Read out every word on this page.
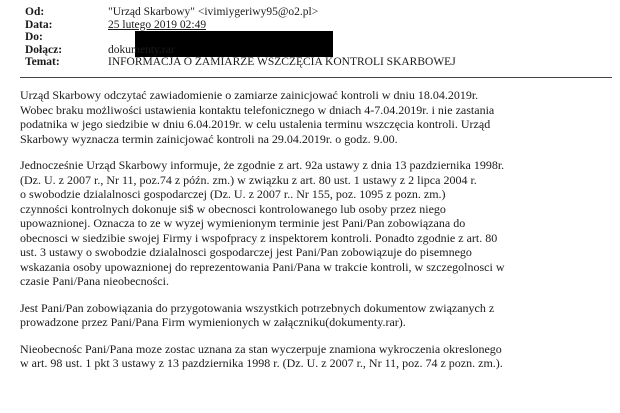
Od:	"Urząd Skarbowy" <ivimiygeriwy95@o2.pl>
Data:	25 lutego 2019 02:49
Do:
Dołącz:	dokumenty.rar
Temat:	INFORMACJA O ZAMIARZE WSZCZĘCIA KONTROLI SKARBOWEJ

Urząd Skarbowy odczytać zawiadomienie o zamiarze zainicjować kontroli w dniu 18.04.2019r.

Wobec braku możliwości ustawienia kontaktu telefonicznego w dniach 4-7.04.2019r. i nie zastania

podatnika w jego siedzibie w dniu 6.04.2019r. w celu ustalenia terminu wszczęcia kontroli. Urząd

Skarbowy wyznacza termin zainicjować kontroli na 29.04.2019r. o godz. 9.00.

Jednocześnie Urząd Skarbowy informuje, że zgodnie z art. 92a ustawy z dnia 13 pazdziernika 1998r.

(Dz. U. z 2007 r., Nr 11, poz.74 z późn. zm.) w związku z art. 80 ust. 1 ustawy z 2 lipca 2004 r.

o swobodzie dzialalnosci gospodarczej (Dz. U. z 2007 r.. Nr 155, poz. 1095 z pozn. zm.)

czynności kontrolnych dokonuje si$ w obecnosci kontrolowanego lub osoby przez niego

upowaznionej. Oznacza to ze w wyzej wymienionym terminie jest Pani/Pan zobowiązana do

obecnosci w siedzibie swojej Firmy i wspofpracy z inspektorem kontroli. Ponadto zgodnie z art. 80

ust. 3 ustawy o swobodzie dzialalnosci gospodarczej jest Pani/Pan zobowiązuje do pisemnego

wskazania osoby upowaznionej do reprezentowania Pani/Pana w trakcie kontroli, w szczegolnosci w

czasie Pani/Pana nieobecności.

Jest Pani/Pan zobowiązania do przygotowania wszystkich potrzebnych dokumentow związanych z

prowadzone przez Pani/Pana Firm wymienionych w załączniku(dokumenty.rar).

Nieobecnośc Pani/Pana moze zostac uznana za stan wyczerpuje znamiona wykroczenia okreslonego

w art. 98 ust. 1 pkt 3 ustawy z 13 pazdziernika 1998 r. (Dz. U. z 2007 r., Nr 11, poz. 74 z pozn. zm.).
